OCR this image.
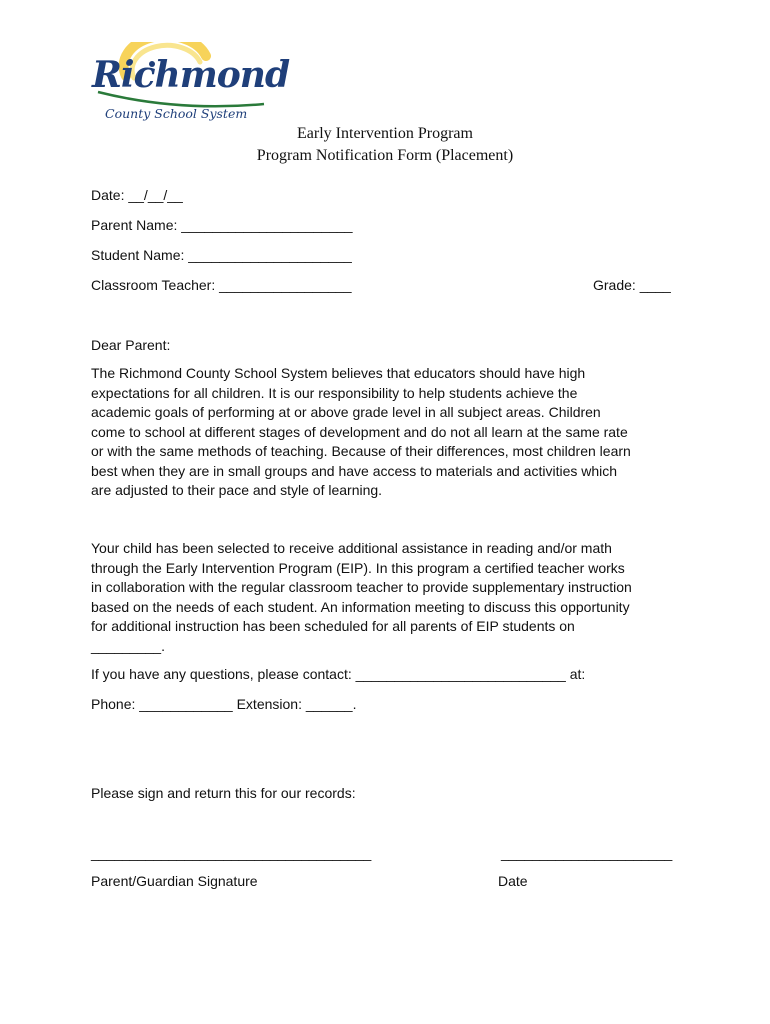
Richmond
County School System
Early Intervention Program
Program Notification Form (Placement)
Date: __/__/__
Parent Name: ______________________
Student Name: _____________________
Classroom Teacher: _________________	Grade: ____
Dear Parent:
The Richmond County School System believes that educators should have high
expectations for all children. It is our responsibility to help students achieve the
academic goals of performing at or above grade level in all subject areas. Children
come to school at different stages of development and do not all learn at the same rate
or with the same methods of teaching. Because of their differences, most children learn
best when they are in small groups and have access to materials and activities which
are adjusted to their pace and style of learning.
Your child has been selected to receive additional assistance in reading and/or math
through the Early Intervention Program (EIP). In this program a certified teacher works
in collaboration with the regular classroom teacher to provide supplementary instruction
based on the needs of each student. An information meeting to discuss this opportunity
for additional instruction has been scheduled for all parents of EIP students on
_________.
If you have any questions, please contact: ___________________________ at:
Phone: ____________ Extension: ______.
Please sign and return this for our records:
____________________________________	______________________
Parent/Guardian Signature	Date
